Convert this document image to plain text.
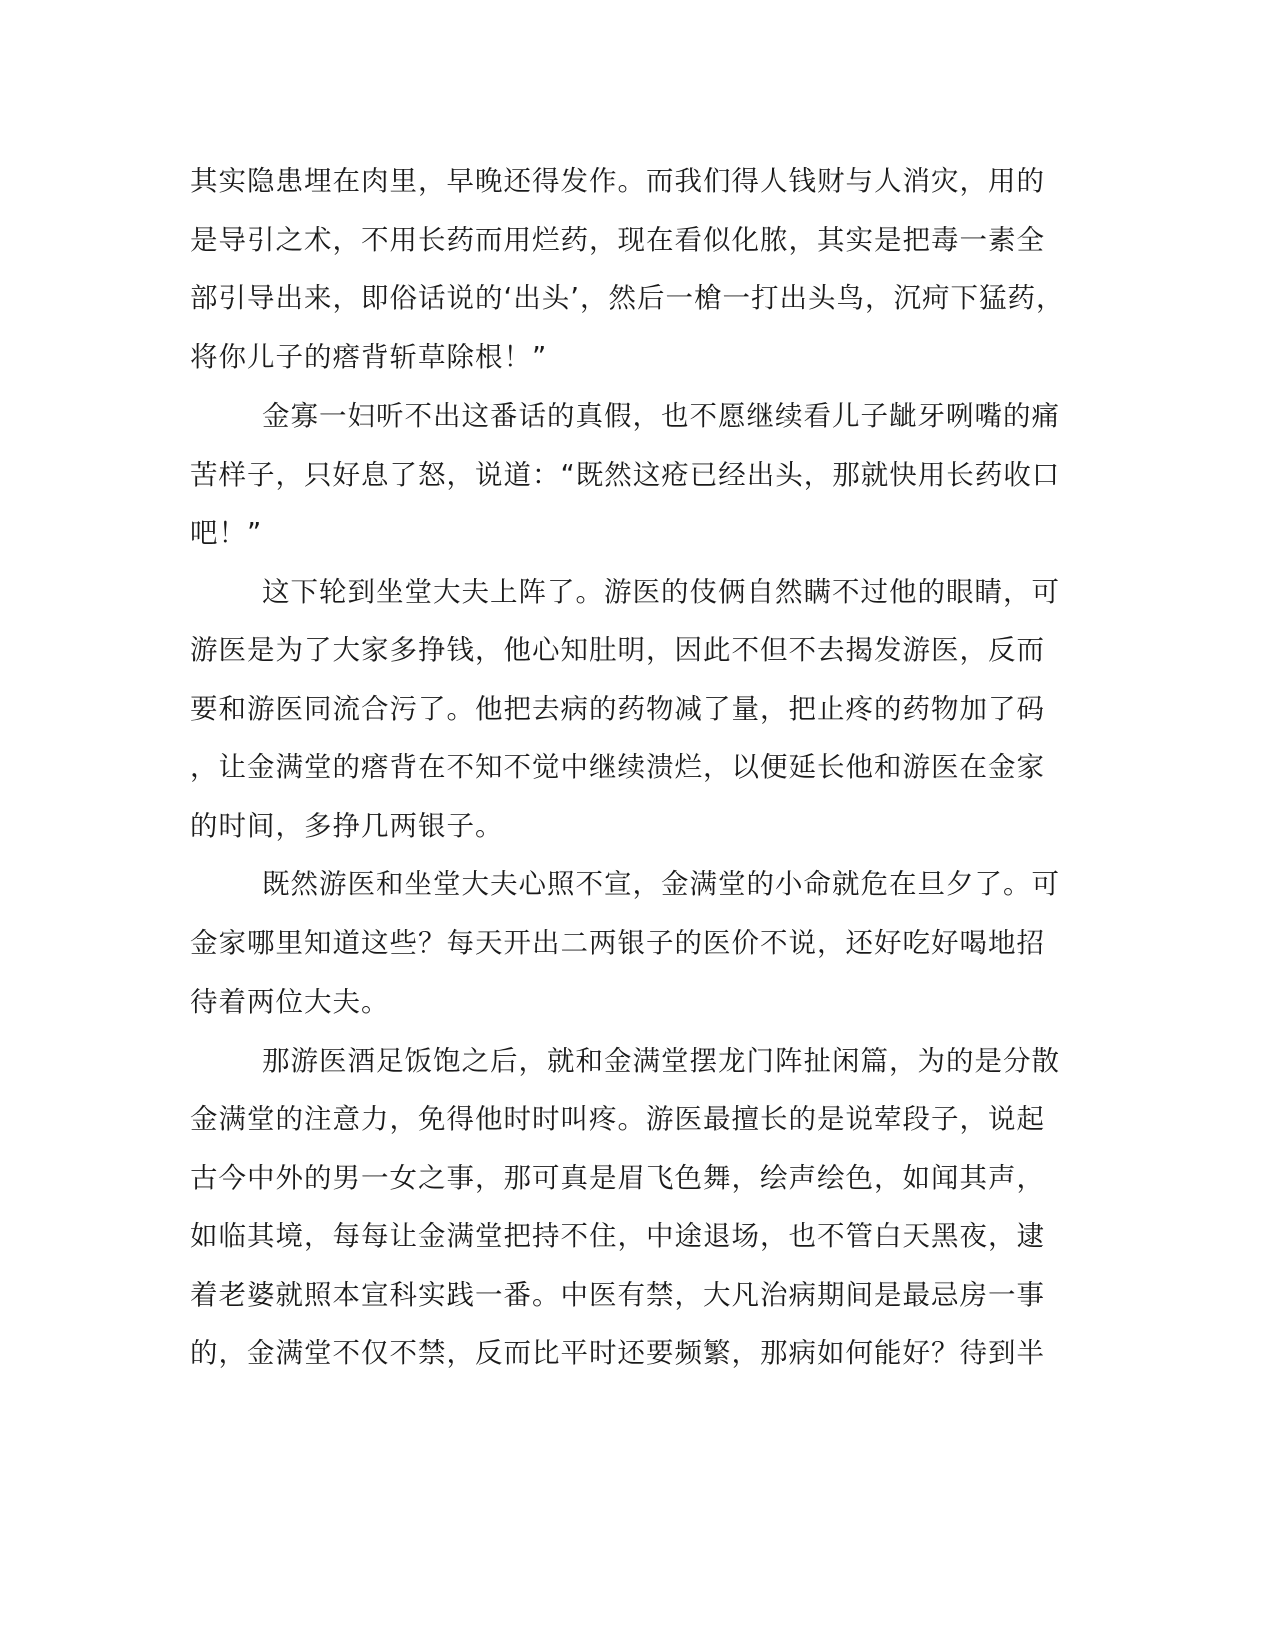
其实隐患埋在肉里，早晚还得发作。而我们得人钱财与人消灾，用的
是导引之术，不用长药而用烂药，现在看似化脓，其实是把毒一素全
部引导出来，即俗话说的‘出头’，然后一槍一打出头鸟，沉疴下猛药，
将你儿子的瘩背斩草除根！”
金寡一妇听不出这番话的真假，也不愿继续看儿子龇牙咧嘴的痛
苦样子，只好息了怒，说道：“既然这疮已经出头，那就快用长药收口
吧！”
这下轮到坐堂大夫上阵了。游医的伎俩自然瞒不过他的眼睛，可
游医是为了大家多挣钱，他心知肚明，因此不但不去揭发游医，反而
要和游医同流合污了。他把去病的药物减了量，把止疼的药物加了码
，让金满堂的瘩背在不知不觉中继续溃烂，以便延长他和游医在金家
的时间，多挣几两银子。
既然游医和坐堂大夫心照不宣，金满堂的小命就危在旦夕了。可
金家哪里知道这些？每天开出二两银子的医价不说，还好吃好喝地招
待着两位大夫。
那游医酒足饭饱之后，就和金满堂摆龙门阵扯闲篇，为的是分散
金满堂的注意力，免得他时时叫疼。游医最擅长的是说荤段子，说起
古今中外的男一女之事，那可真是眉飞色舞，绘声绘色，如闻其声，
如临其境，每每让金满堂把持不住，中途退场，也不管白天黑夜，逮
着老婆就照本宣科实践一番。中医有禁，大凡治病期间是最忌房一事
的，金满堂不仅不禁，反而比平时还要频繁，那病如何能好？待到半
